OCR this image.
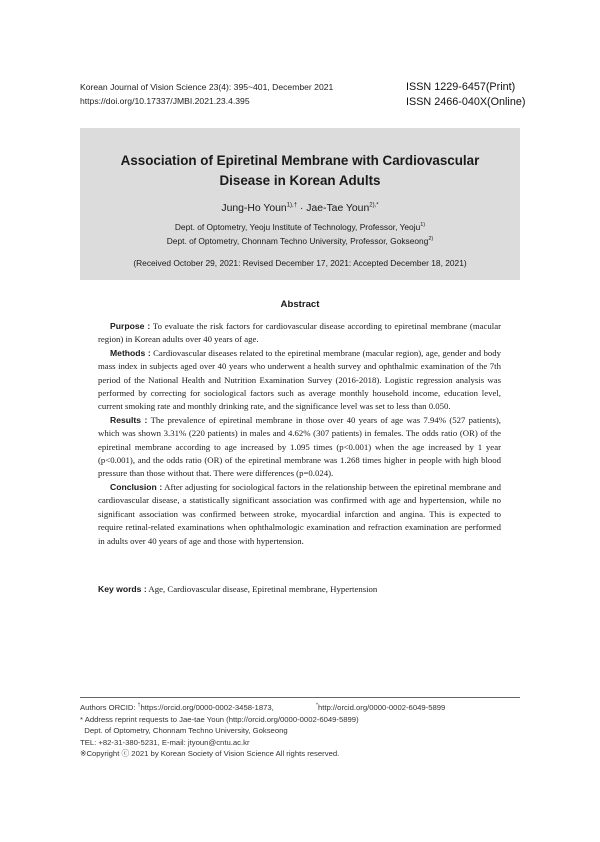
Korean Journal of Vision Science 23(4): 395~401, December 2021
https://doi.org/10.17337/JMBI.2021.23.4.395
ISSN 1229-6457(Print)
ISSN 2466-040X(Online)
Association of Epiretinal Membrane with Cardiovascular
Disease in Korean Adults
Jung-Ho Youn$^{1),\dagger}$ · Jae-Tae Youn$^{2),*}$
Dept. of Optometry, Yeoju Institute of Technology, Professor, Yeoju$^{1)}$
Dept. of Optometry, Chonnam Techno University, Professor, Gokseong$^{2)}$
(Received October 29, 2021: Revised December 17, 2021: Accepted December 18, 2021)
Abstract

Purpose : To evaluate the risk factors for cardiovascular disease according to epiretinal membrane (macular region) in Korean adults over 40 years of age.

Methods : Cardiovascular diseases related to the epiretinal membrane (macular region), age, gender and body mass index in subjects aged over 40 years who underwent a health survey and ophthalmic examination of the 7th period of the National Health and Nutrition Examination Survey (2016-2018). Logistic regression analysis was performed by correcting for sociological factors such as average monthly household income, education level, current smoking rate and monthly drinking rate, and the significance level was set to less than 0.050.

Results : The prevalence of epiretinal membrane in those over 40 years of age was 7.94% (527 patients), which was shown 3.31% (220 patients) in males and 4.62% (307 patients) in females. The odds ratio (OR) of the epiretinal membrane according to age increased by 1.095 times (p<0.001) when the age increased by 1 year (p<0.001), and the odds ratio (OR) of the epiretinal membrane was 1.268 times higher in people with high blood pressure than those without that. There were differences (p=0.024).

Conclusion : After adjusting for sociological factors in the relationship between the epiretinal membrane and cardiovascular disease, a statistically significant association was confirmed with age and hypertension, while no significant association was confirmed between stroke, myocardial infarction and angina. This is expected to require retinal-related examinations when ophthalmologic examination and refraction examination are performed in adults over 40 years of age and those with hypertension.

Key words : Age, Cardiovascular disease, Epiretinal membrane, Hypertension
Authors ORCID: †https://orcid.org/0000-0002-3458-1873,	*http://orcid.org/0000-0002-6049-5899
* Address reprint requests to Jae-tae Youn (http://orcid.org/0000-0002-6049-5899)
Dept. of Optometry, Chonnam Techno University, Gokseong
TEL: +82-31-380-5231, E-mail: jtyoun@cntu.ac.kr
※Copyright ⓒ 2021 by Korean Society of Vision Science All rights reserved.
